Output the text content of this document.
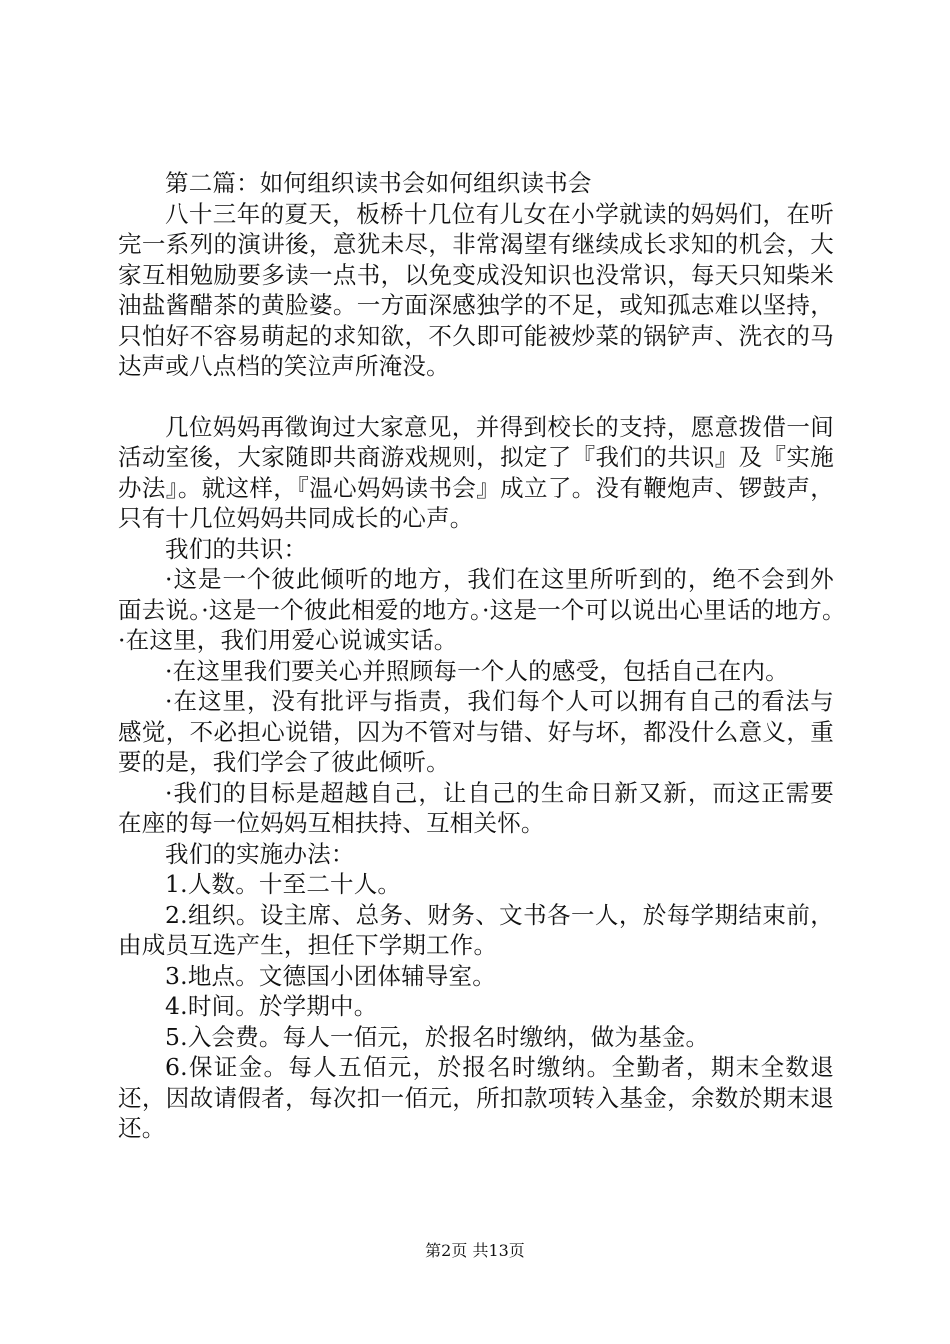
第二篇：如何组织读书会如何组织读书会

八十三年的夏天，板桥十几位有儿女在小学就读的妈妈们，在听完一系列的演讲後，意犹未尽，非常渴望有继续成长求知的机会，大家互相勉励要多读一点书，以免变成没知识也没常识，每天只知柴米油盐酱醋茶的黄脸婆。一方面深感独学的不足，或知孤志难以坚持，只怕好不容易萌起的求知欲，不久即可能被炒菜的锅铲声、洗衣的马达声或八点档的笑泣声所淹没。

几位妈妈再徵询过大家意见，并得到校长的支持，愿意拨借一间活动室後，大家随即共商游戏规则，拟定了『我们的共识』及『实施办法』。就这样，『温心妈妈读书会』成立了。没有鞭炮声、锣鼓声，只有十几位妈妈共同成长的心声。

我们的共识：

·这是一个彼此倾听的地方，我们在这里所听到的，绝不会到外面去说。·这是一个彼此相爱的地方。·这是一个可以说出心里话的地方。·在这里，我们用爱心说诚实话。

·在这里我们要关心并照顾每一个人的感受，包括自己在内。

·在这里，没有批评与指责，我们每个人可以拥有自己的看法与感觉，不必担心说错，囚为不管对与错、好与坏，都没什么意义，重要的是，我们学会了彼此倾听。

·我们的目标是超越自己，让自己的生命日新又新，而这正需要在座的每一位妈妈互相扶持、互相关怀。

我们的实施办法：

1.人数。十至二十人。

2.组织。设主席、总务、财务、文书各一人，於每学期结束前，由成员互选产生，担任下学期工作。

3.地点。文德国小团体辅导室。

4.时间。於学期中。

5.入会费。每人一佰元，於报名时缴纳，做为基金。

6.保证金。每人五佰元，於报名时缴纳。全勤者，期末全数退还，因故请假者，每次扣一佰元，所扣款项转入基金，余数於期末退还。

第2页 共13页
